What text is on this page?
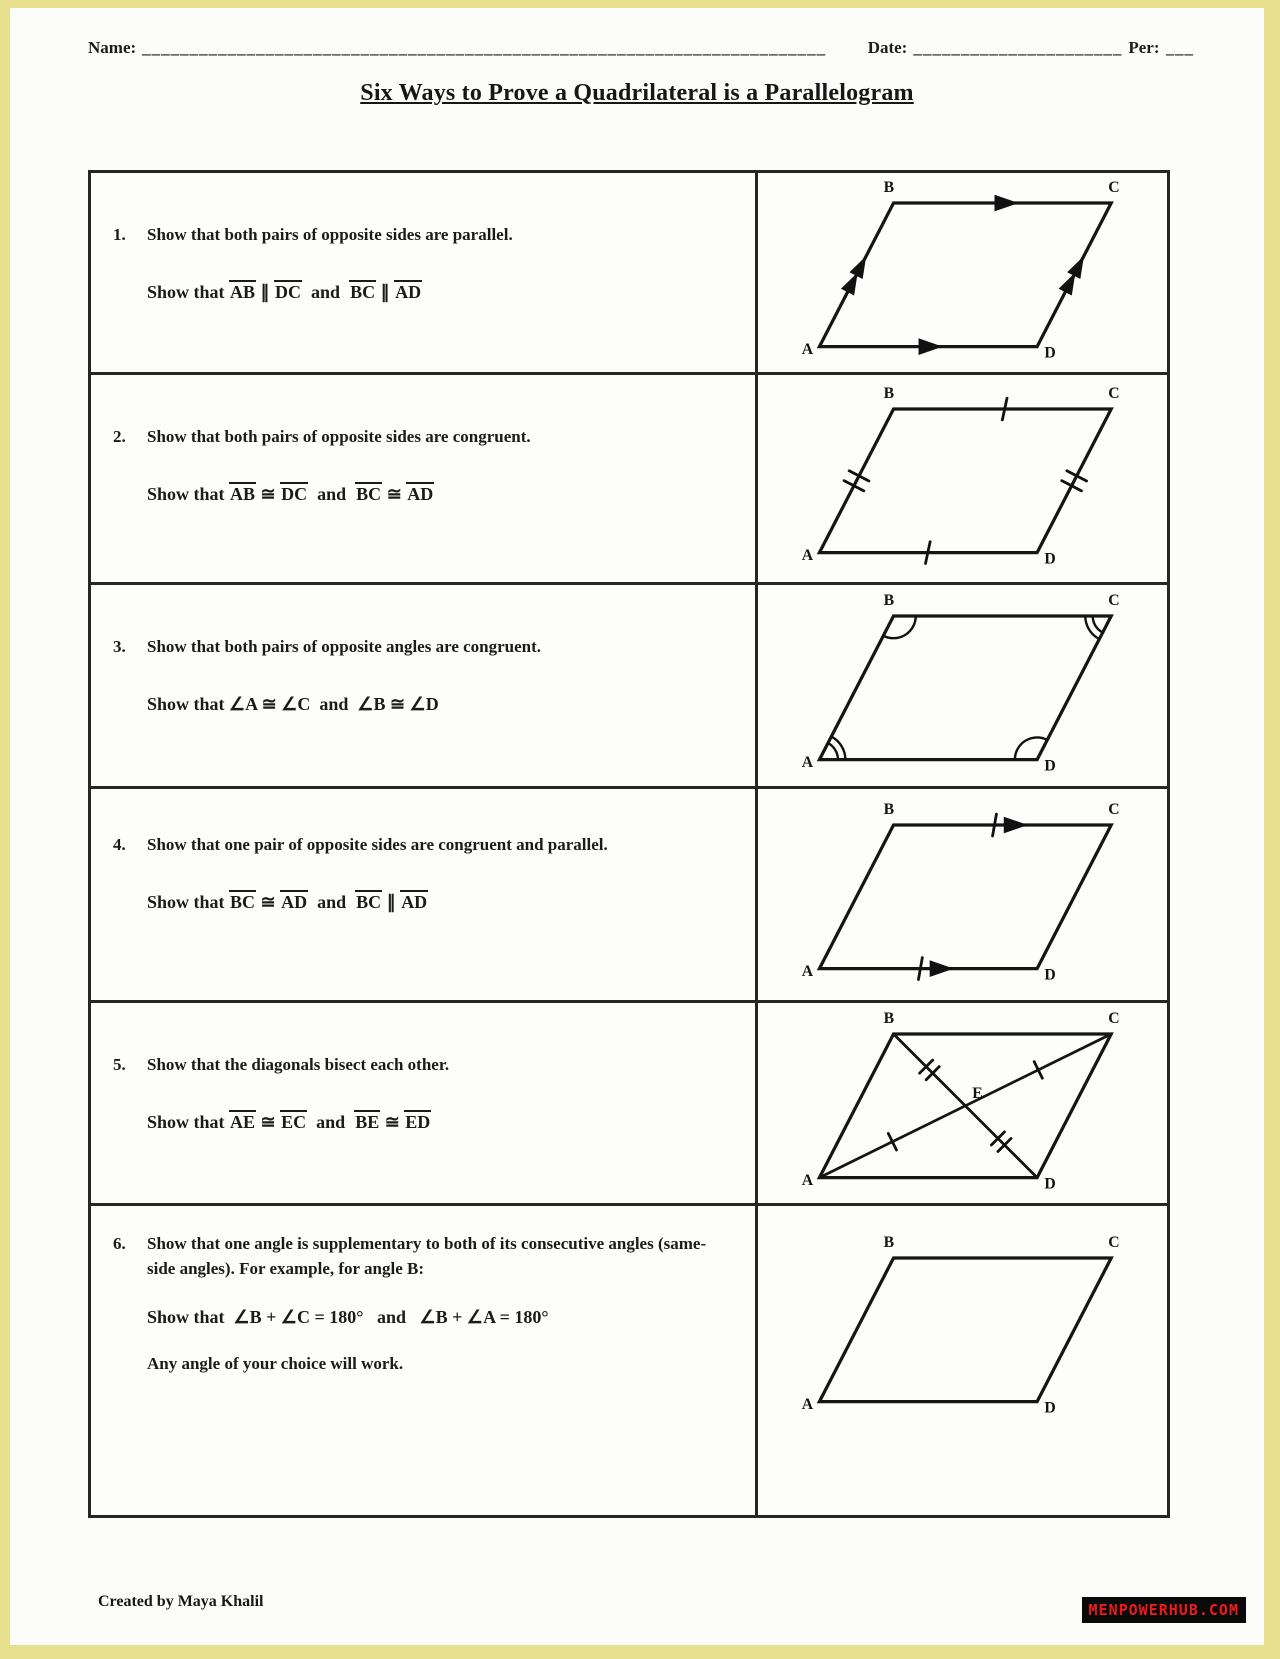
Name: ________________________________________________________________________	Date: ______________________ Per: ___
Six Ways to Prove a Quadrilateral is a Parallelogram
1.	Show that both pairs of opposite sides are parallel.
Show that AB ∥ DC  and  BC ∥ AD
A
B	C
D
2.	Show that both pairs of opposite sides are congruent.
Show that AB ≅ DC  and  BC ≅ AD
A
B	C
D
3.	Show that both pairs of opposite angles are congruent.
Show that ∠A ≅ ∠C  and  ∠B ≅ ∠D
A
B	C
D
4.	Show that one pair of opposite sides are congruent and parallel.
Show that BC ≅ AD  and  BC ∥ AD
A
B	C
D
5.	Show that the diagonals bisect each other.
Show that AE ≅ EC  and  BE ≅ ED
A
B	C
D
E
6.	Show that one angle is supplementary to both of its consecutive angles (same-side angles). For example, for angle B:
Show that  ∠B + ∠C = 180°   and   ∠B + ∠A = 180°
Any angle of your choice will work.
A
B	C
D
Created by Maya Khalil	MENPOWERHUB.COM
